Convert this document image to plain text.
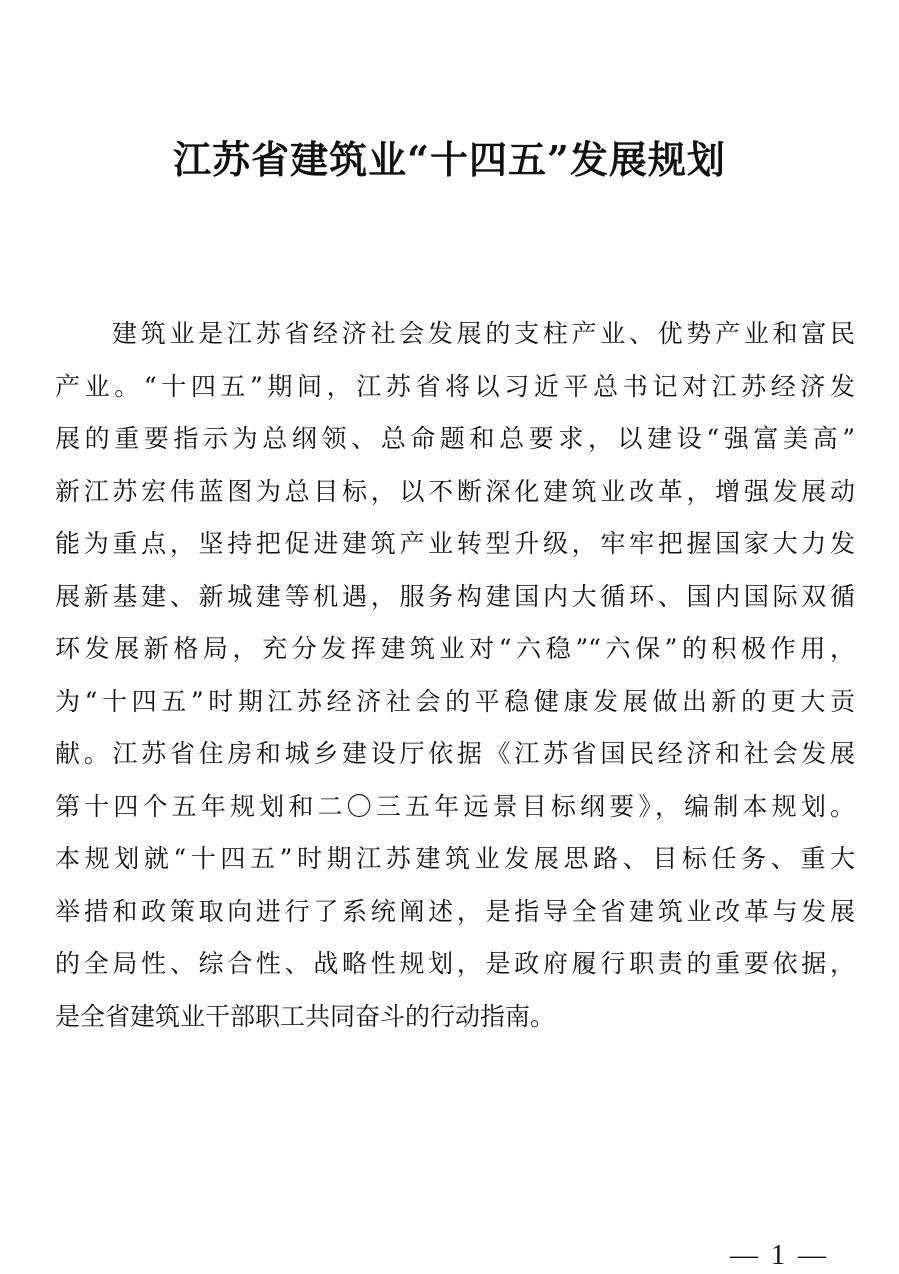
江苏省建筑业“十四五”发展规划
建筑业是江苏省经济社会发展的支柱产业、优势产业和富民
产业。“十四五”期间，江苏省将以习近平总书记对江苏经济发
展的重要指示为总纲领、总命题和总要求，以建设“强富美高”
新江苏宏伟蓝图为总目标，以不断深化建筑业改革，增强发展动
能为重点，坚持把促进建筑产业转型升级，牢牢把握国家大力发
展新基建、新城建等机遇，服务构建国内大循环、国内国际双循
环发展新格局，充分发挥建筑业对“六稳”“六保”的积极作用，
为“十四五”时期江苏经济社会的平稳健康发展做出新的更大贡
献。江苏省住房和城乡建设厅依据《江苏省国民经济和社会发展
第十四个五年规划和二〇三五年远景目标纲要》，编制本规划。
本规划就“十四五”时期江苏建筑业发展思路、目标任务、重大
举措和政策取向进行了系统阐述，是指导全省建筑业改革与发展
的全局性、综合性、战略性规划，是政府履行职责的重要依据，
是全省建筑业干部职工共同奋斗的行动指南。
— 1 —
